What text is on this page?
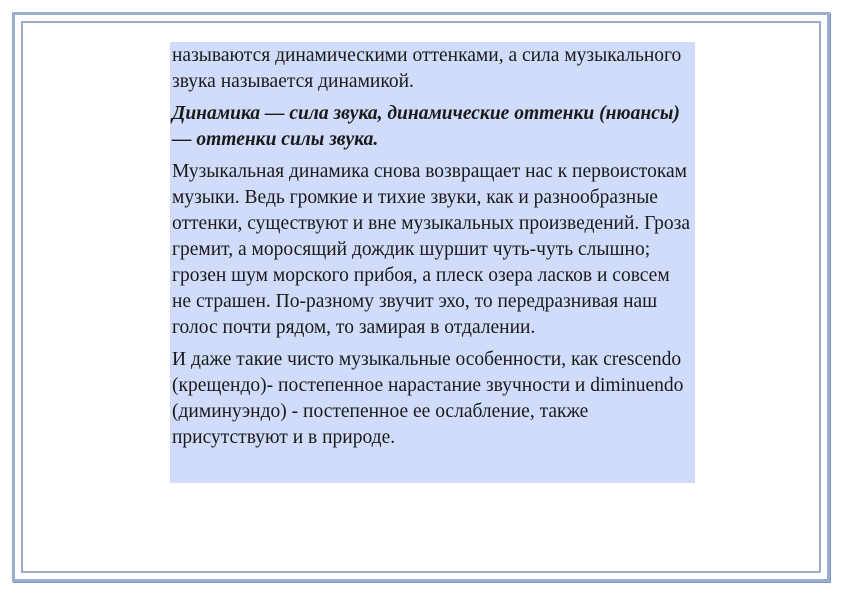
называются динамическими оттенками, а сила музыкального звука называется динамикой.

Динамика — сила звука, динамические оттенки (нюансы) — оттенки силы звука.

Музыкальная динамика снова возвращает нас к первоистокам музыки. Ведь громкие и тихие звуки, как и разнообразные оттенки, существуют и вне музыкальных произведений. Гроза гремит, а моросящий дождик шуршит чуть-чуть слышно; грозен шум морского прибоя, а плеск озера ласков и совсем не страшен. По-разному звучит эхо, то передразнивая наш голос почти рядом, то замирая в отдалении.

И даже такие чисто музыкальные особенности, как crescendo (крещендо)- постепенное нарастание звучности и diminuendo (диминуэндо) - постепенное ее ослабление, также присутствуют и в природе.
